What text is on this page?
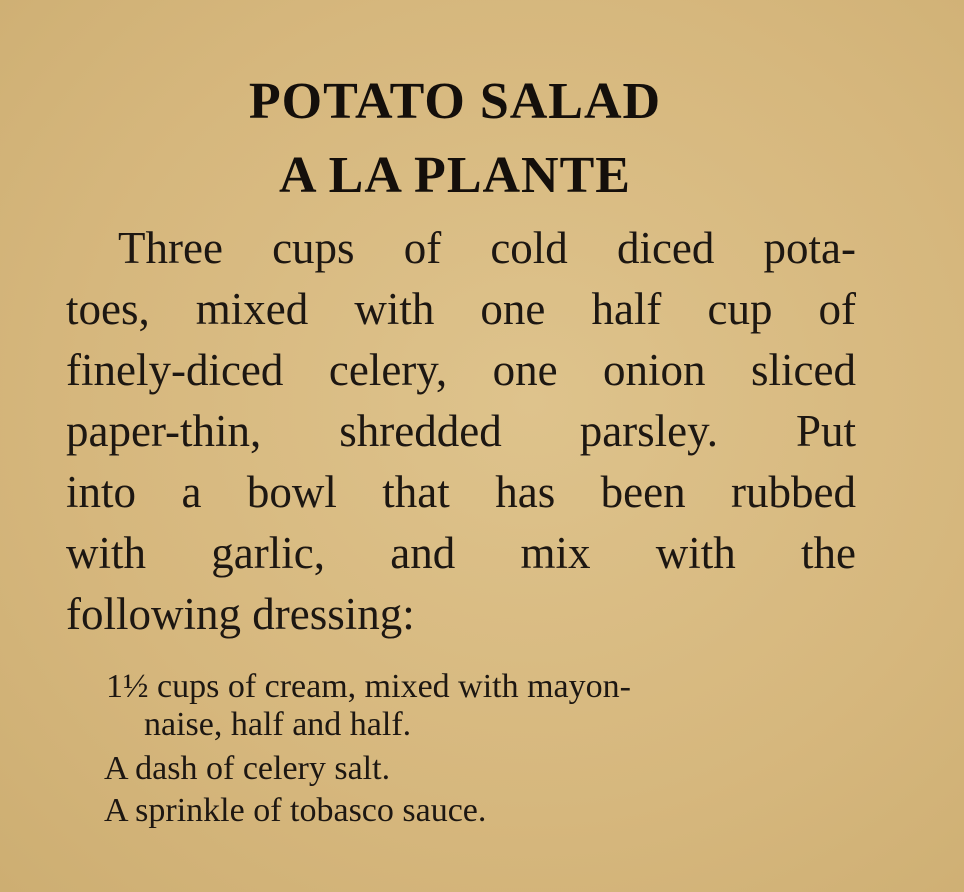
POTATO SALAD
A LA PLANTE
Three cups of cold diced pota-
toes, mixed with one half cup of
finely-diced celery, one onion sliced
paper-thin, shredded parsley. Put
into a bowl that has been rubbed
with garlic, and mix with the
following dressing:
1½ cups of cream, mixed with mayon-
naise, half and half.
A dash of celery salt.
A sprinkle of tobasco sauce.
